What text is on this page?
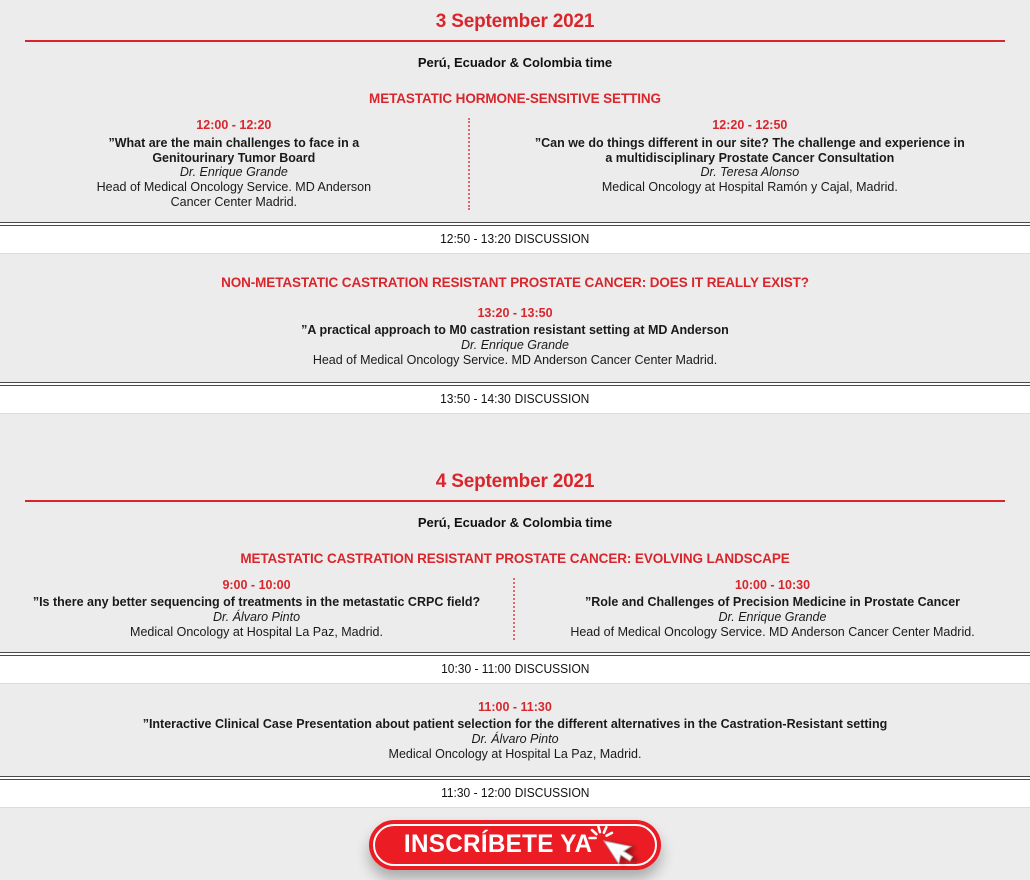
3 September 2021
Perú, Ecuador & Colombia time
METASTATIC HORMONE-SENSITIVE SETTING
12:00 - 12:20
”What are the main challenges to face in a Genitourinary Tumor Board
Dr. Enrique Grande
Head of Medical Oncology Service. MD Anderson Cancer Center Madrid.
12:20 - 12:50
”Can we do things different in our site? The challenge and experience in a multidisciplinary Prostate Cancer Consultation
Dr. Teresa Alonso
Medical Oncology at Hospital Ramón y Cajal, Madrid.
12:50 - 13:20 DISCUSSION
NON-METASTATIC CASTRATION RESISTANT PROSTATE CANCER: DOES IT REALLY EXIST?
13:20 - 13:50
”A practical approach to M0 castration resistant setting at MD Anderson
Dr. Enrique Grande
Head of Medical Oncology Service. MD Anderson Cancer Center Madrid.
13:50 - 14:30 DISCUSSION
4 September 2021
Perú, Ecuador & Colombia time
METASTATIC CASTRATION RESISTANT PROSTATE CANCER: EVOLVING LANDSCAPE
9:00 - 10:00
”Is there any better sequencing of treatments in the metastatic CRPC field?
Dr. Álvaro Pinto
Medical Oncology at Hospital La Paz, Madrid.
10:00 - 10:30
”Role and Challenges of Precision Medicine in Prostate Cancer
Dr. Enrique Grande
Head of Medical Oncology Service. MD Anderson Cancer Center Madrid.
10:30 - 11:00 DISCUSSION
11:00 - 11:30
”Interactive Clinical Case Presentation about patient selection for the different alternatives in the Castration-Resistant setting
Dr. Álvaro Pinto
Medical Oncology at Hospital La Paz, Madrid.
11:30 - 12:00 DISCUSSION
INSCRÍBETE YA
